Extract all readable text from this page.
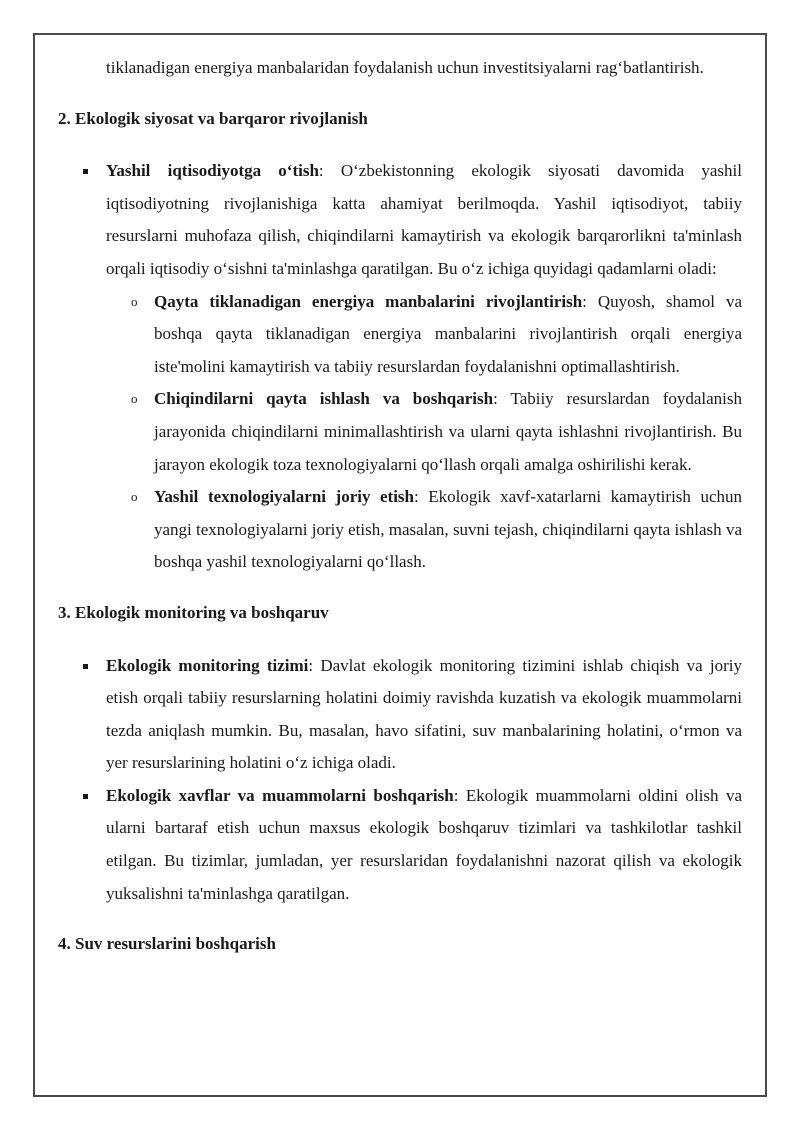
tiklanadigan energiya manbalaridan foydalanish uchun investitsiyalarni rag‘batlantirish.

2. Ekologik siyosat va barqaror rivojlanish
Yashil iqtisodiyotga o‘tish: O‘zbekistonning ekologik siyosati davomida yashil iqtisodiyotning rivojlanishiga katta ahamiyat berilmoqda. Yashil iqtisodiyot, tabiiy resurslarni muhofaza qilish, chiqindilarni kamaytirish va ekologik barqarorlikni ta'minlash orqali iqtisodiy o‘sishni ta'minlashga qaratilgan. Bu o‘z ichiga quyidagi qadamlarni oladi:
o Qayta tiklanadigan energiya manbalarini rivojlantirish: Quyosh, shamol va boshqa qayta tiklanadigan energiya manbalarini rivojlantirish orqali energiya iste'molini kamaytirish va tabiiy resurslardan foydalanishni optimallashtirish.
o Chiqindilarni qayta ishlash va boshqarish: Tabiiy resurslardan foydalanish jarayonida chiqindilarni minimallashtirish va ularni qayta ishlashni rivojlantirish. Bu jarayon ekologik toza texnologiyalarni qo‘llash orqali amalga oshirilishi kerak.
o Yashil texnologiyalarni joriy etish: Ekologik xavf-xatarlarni kamaytirish uchun yangi texnologiyalarni joriy etish, masalan, suvni tejash, chiqindilarni qayta ishlash va boshqa yashil texnologiyalarni qo‘llash.
3. Ekologik monitoring va boshqaruv
Ekologik monitoring tizimi: Davlat ekologik monitoring tizimini ishlab chiqish va joriy etish orqali tabiiy resurslarning holatini doimiy ravishda kuzatish va ekologik muammolarni tezda aniqlash mumkin. Bu, masalan, havo sifatini, suv manbalarining holatini, o‘rmon va yer resurslarining holatini o‘z ichiga oladi.
Ekologik xavflar va muammolarni boshqarish: Ekologik muammolarni oldini olish va ularni bartaraf etish uchun maxsus ekologik boshqaruv tizimlari va tashkilotlar tashkil etilgan. Bu tizimlar, jumladan, yer resurslaridan foydalanishni nazorat qilish va ekologik yuksalishni ta'minlashga qaratilgan.
4. Suv resurslarini boshqarish
